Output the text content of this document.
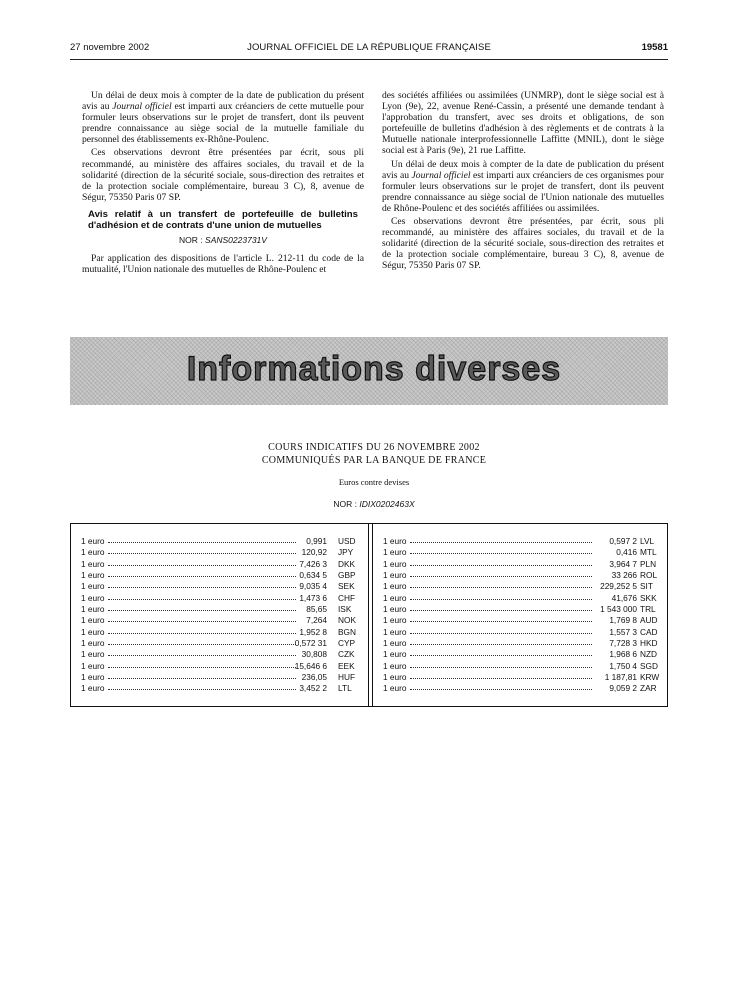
27 novembre 2002	JOURNAL OFFICIEL DE LA RÉPUBLIQUE FRANÇAISE	19581

Un délai de deux mois à compter de la date de publication du présent avis au Journal officiel est imparti aux créanciers de cette mutuelle pour formuler leurs observations sur le projet de transfert, dont ils peuvent prendre connaissance au siège social de la mutuelle familiale du personnel des établissements ex-Rhône-Poulenc.

Ces observations devront être présentées par écrit, sous pli recommandé, au ministère des affaires sociales, du travail et de la solidarité (direction de la sécurité sociale, sous-direction des retraites et de la protection sociale complémentaire, bureau 3 C), 8, avenue de Ségur, 75350 Paris 07 SP.

Avis relatif à un transfert de portefeuille de bulletins d'adhésion et de contrats d'une union de mutuelles
NOR : SANS0223731V

Par application des dispositions de l'article L. 212-11 du code de la mutualité, l'Union nationale des mutuelles de Rhône-Poulenc et

des sociétés affiliées ou assimilées (UNMRP), dont le siège social est à Lyon (9e), 22, avenue René-Cassin, a présenté une demande tendant à l'approbation du transfert, avec ses droits et obligations, de son portefeuille de bulletins d'adhésion à des règlements et de contrats à la Mutuelle nationale interprofessionnelle Laffitte (MNIL), dont le siège social est à Paris (9e), 21 rue Laffitte.

Un délai de deux mois à compter de la date de publication du présent avis au Journal officiel est imparti aux créanciers de ces organismes pour formuler leurs observations sur le projet de transfert, dont ils peuvent prendre connaissance au siège social de l'Union nationale des mutuelles de Rhône-Poulenc et des sociétés affiliées ou assimilées.

Ces observations devront être présentées, par écrit, sous pli recommandé, au ministère des affaires sociales, du travail et de la solidarité (direction de la sécurité sociale, sous-direction des retraites et de la protection sociale complémentaire, bureau 3 C), 8, avenue de Ségur, 75350 Paris 07 SP.

Informations diverses
COURS INDICATIFS DU 26 NOVEMBRE 2002
COMMUNIQUÉS PAR LA BANQUE DE FRANCE
Euros contre devises
NOR : IDIX0202463X
1 euro	0,991 USD
1 euro	120,92 JPY
1 euro	7,426 3 DKK
1 euro	0,634 5 GBP
1 euro	9,035 4 SEK
1 euro	1,473 6 CHF
1 euro	85,65 ISK
1 euro	7,264 NOK
1 euro	1,952 8 BGN
1 euro	0,572 31 CYP
1 euro	30,808 CZK
1 euro	15,646 6 EEK
1 euro	236,05 HUF
1 euro	3,452 2 LTL
1 euro	0,597 2 LVL
1 euro	0,416 MTL
1 euro	3,964 7 PLN
1 euro	33 266 ROL
1 euro	229,252 5 SIT
1 euro	41,676 SKK
1 euro	1 543 000 TRL
1 euro	1,769 8 AUD
1 euro	1,557 3 CAD
1 euro	7,728 3 HKD
1 euro	1,968 6 NZD
1 euro	1,750 4 SGD
1 euro	1 187,81 KRW
1 euro	9,059 2 ZAR
